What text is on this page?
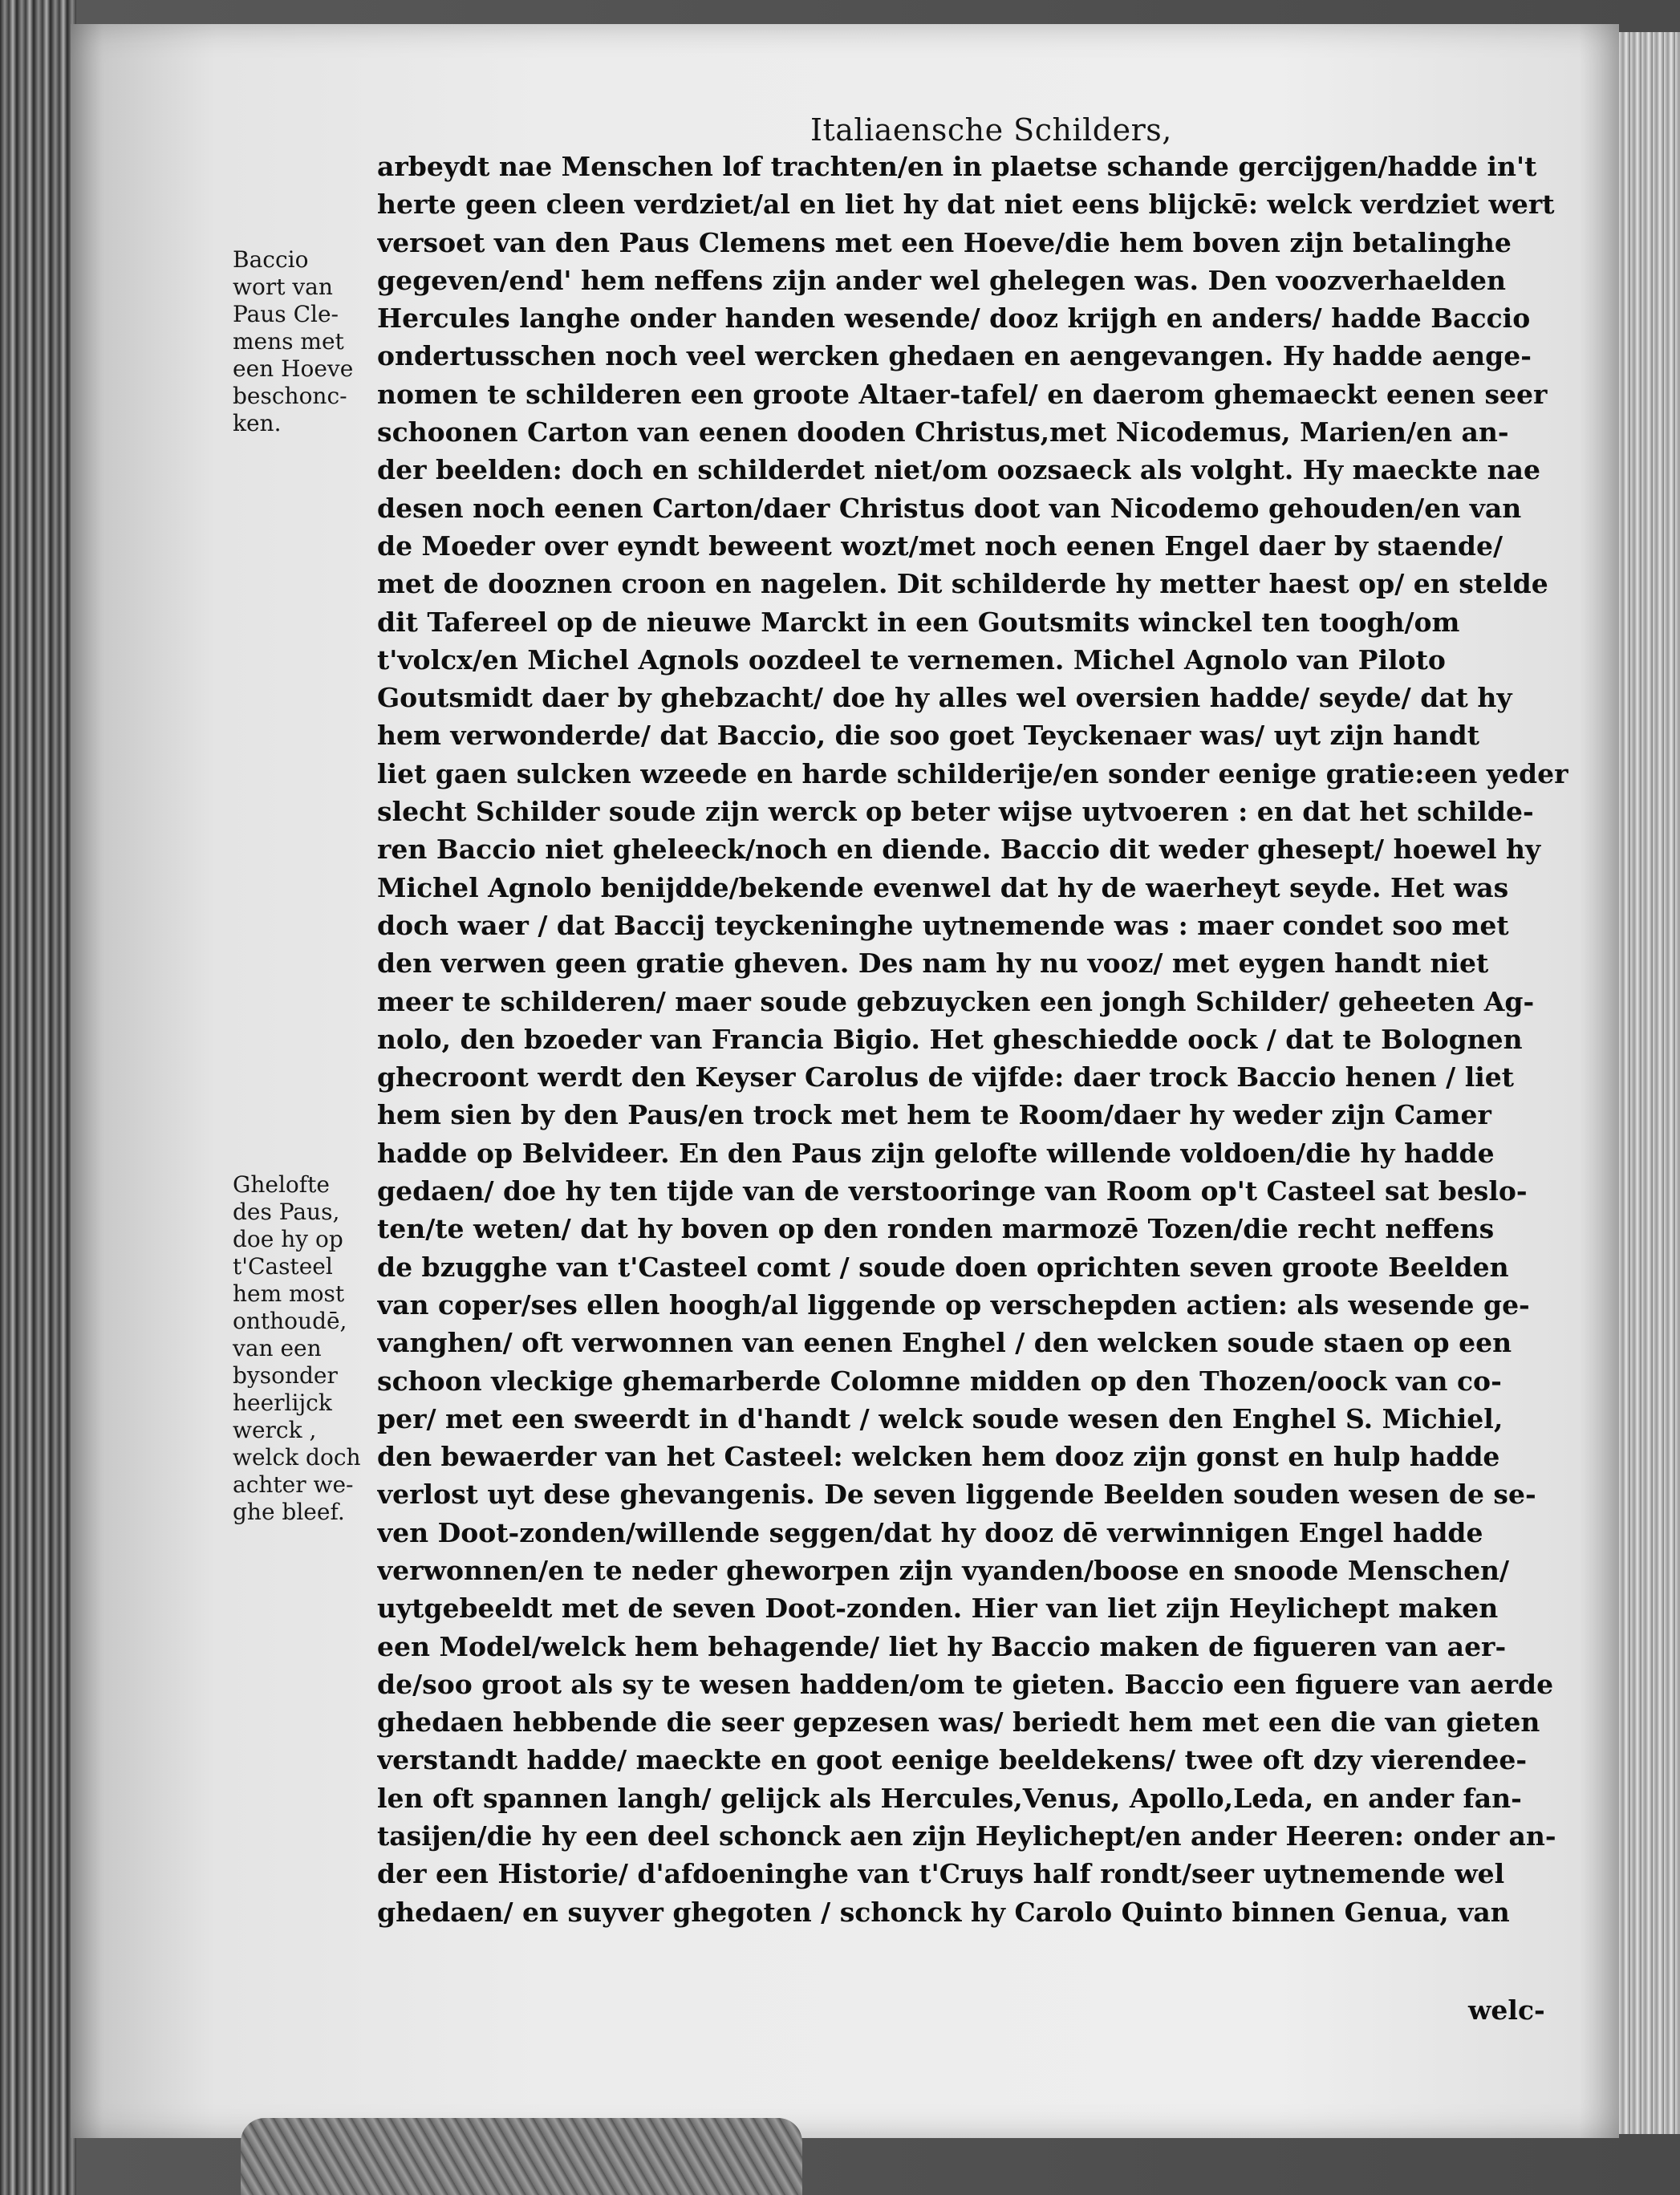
Italiaensche Schilders,
Baccio
wort van
Paus Cle-
mens met
een Hoeve
beschonc-
ken.
Ghelofte
des Paus,
doe hy op
t'Casteel
hem most
onthoudē,
van een
bysonder
heerlijck
werck ,
welck doch
achter we-
ghe bleef.
arbeydt nae Menschen lof trachten/en in plaetse schande gercijgen/hadde in't
herte geen cleen verdziet/al en liet hy dat niet eens blijckē: welck verdziet wert
versoet van den Paus Clemens met een Hoeve/die hem boven zijn betalinghe
gegeven/end' hem neffens zijn ander wel ghelegen was. Den voozverhaelden
Hercules langhe onder handen wesende/ dooz krijgh en anders/ hadde Baccio
ondertusschen noch veel wercken ghedaen en aengevangen. Hy hadde aenge-
nomen te schilderen een groote Altaer-tafel/ en daerom ghemaeckt eenen seer
schoonen Carton van eenen dooden Christus,met Nicodemus, Marien/en an-
der beelden: doch en schilderdet niet/om oozsaeck als volght. Hy maeckte nae
desen noch eenen Carton/daer Christus doot van Nicodemo gehouden/en van
de Moeder over eyndt beweent wozt/met noch eenen Engel daer by staende/
met de dooznen croon en nagelen. Dit schilderde hy metter haest op/ en stelde
dit Tafereel op de nieuwe Marckt in een Goutsmits winckel ten toogh/om
t'volcx/en Michel Agnols oozdeel te vernemen. Michel Agnolo van Piloto
Goutsmidt daer by ghebzacht/ doe hy alles wel oversien hadde/ seyde/ dat hy
hem verwonderde/ dat Baccio, die soo goet Teyckenaer was/ uyt zijn handt
liet gaen sulcken wzeede en harde schilderije/en sonder eenige gratie:een yeder
slecht Schilder soude zijn werck op beter wijse uytvoeren : en dat het schilde-
ren Baccio niet gheleeck/noch en diende. Baccio dit weder ghesept/ hoewel hy
Michel Agnolo benijdde/bekende evenwel dat hy de waerheyt seyde. Het was
doch waer / dat Baccij teyckeninghe uytnemende was : maer condet soo met
den verwen geen gratie gheven. Des nam hy nu vooz/ met eygen handt niet
meer te schilderen/ maer soude gebzuycken een jongh Schilder/ geheeten Ag-
nolo, den bzoeder van Francia Bigio. Het gheschiedde oock / dat te Bolognen
ghecroont werdt den Keyser Carolus de vijfde: daer trock Baccio henen / liet
hem sien by den Paus/en trock met hem te Room/daer hy weder zijn Camer
hadde op Belvideer. En den Paus zijn gelofte willende voldoen/die hy hadde
gedaen/ doe hy ten tijde van de verstooringe van Room op't Casteel sat beslo-
ten/te weten/ dat hy boven op den ronden marmozē Tozen/die recht neffens
de bzugghe van t'Casteel comt / soude doen oprichten seven groote Beelden
van coper/ses ellen hoogh/al liggende op verschepden actien: als wesende ge-
vanghen/ oft verwonnen van eenen Enghel / den welcken soude staen op een
schoon vleckige ghemarberde Colomne midden op den Thozen/oock van co-
per/ met een sweerdt in d'handt / welck soude wesen den Enghel S. Michiel,
den bewaerder van het Casteel: welcken hem dooz zijn gonst en hulp hadde
verlost uyt dese ghevangenis. De seven liggende Beelden souden wesen de se-
ven Doot-zonden/willende seggen/dat hy dooz dē verwinnigen Engel hadde
verwonnen/en te neder gheworpen zijn vyanden/boose en snoode Menschen/
uytgebeeldt met de seven Doot-zonden. Hier van liet zijn Heylichept maken
een Model/welck hem behagende/ liet hy Baccio maken de figueren van aer-
de/soo groot als sy te wesen hadden/om te gieten. Baccio een figuere van aerde
ghedaen hebbende die seer gepzesen was/ beriedt hem met een die van gieten
verstandt hadde/ maeckte en goot eenige beeldekens/ twee oft dzy vierendee-
len oft spannen langh/ gelijck als Hercules,Venus, Apollo,Leda, en ander fan-
tasijen/die hy een deel schonck aen zijn Heylichept/en ander Heeren: onder an-
der een Historie/ d'afdoeninghe van t'Cruys half rondt/seer uytnemende wel
ghedaen/ en suyver ghegoten / schonck hy Carolo Quinto binnen Genua, van
welc-
